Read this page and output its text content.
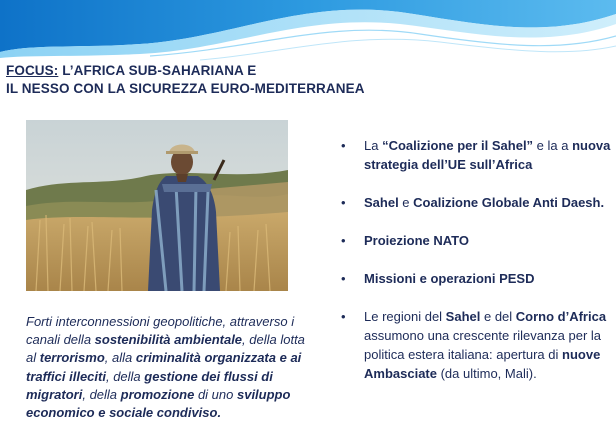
FOCUS: L’AFRICA SUB-SAHARIANA E
IL NESSO CON LA SICUREZZA EURO-MEDITERRANEA

Forti interconnessioni geopolitiche, attraverso i canali della sostenibilità ambientale, della lotta al terrorismo, alla criminalità organizzata e ai traffici illeciti, della gestione dei flussi di migratori, della promozione di uno sviluppo economico e sociale condiviso.

• La “Coalizione per il Sahel” e la a nuova strategia dell’UE sull’Africa
• Sahel e Coalizione Globale Anti Daesh.
• Proiezione NATO
• Missioni e operazioni PESD
• Le regioni del Sahel e del Corno d’Africa assumono una crescente rilevanza per la politica estera italiana: apertura di nuove Ambasciate (da ultimo, Mali).
